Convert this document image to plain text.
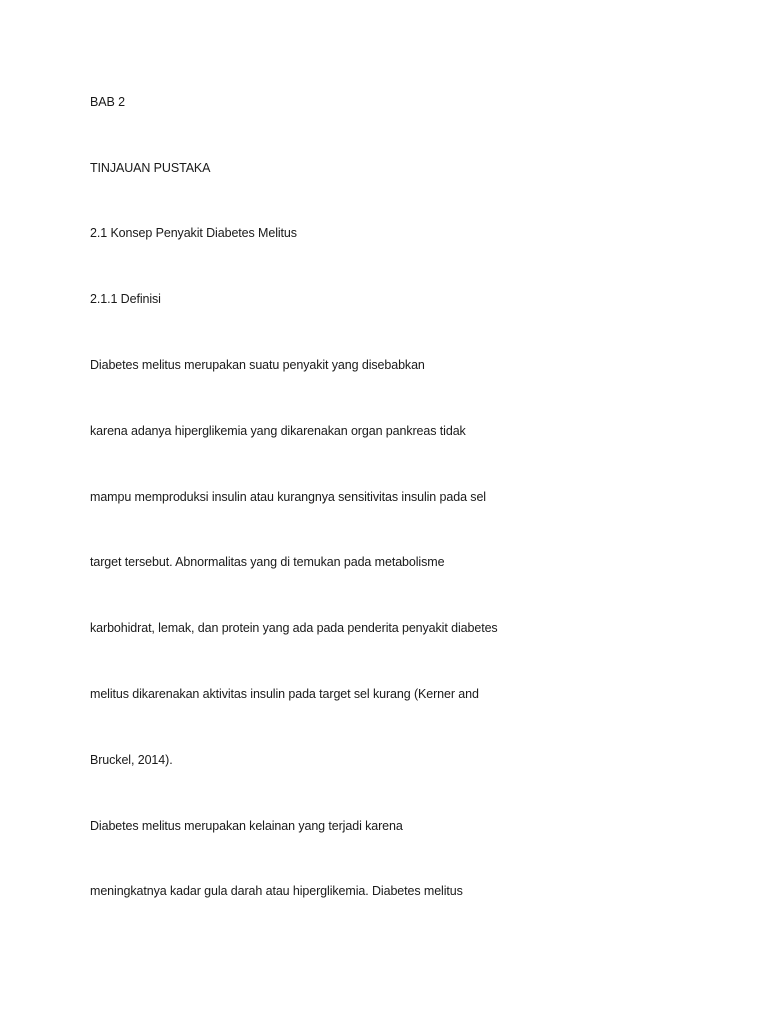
BAB 2
TINJAUAN PUSTAKA
2.1 Konsep Penyakit Diabetes Melitus
2.1.1 Definisi
Diabetes melitus merupakan suatu penyakit yang disebabkan
karena adanya hiperglikemia yang dikarenakan organ pankreas tidak
mampu memproduksi insulin atau kurangnya sensitivitas insulin pada sel
target tersebut. Abnormalitas yang di temukan pada metabolisme
karbohidrat, lemak, dan protein yang ada pada penderita penyakit diabetes
melitus dikarenakan aktivitas insulin pada target sel kurang (Kerner and
Bruckel, 2014).
Diabetes melitus merupakan kelainan yang terjadi karena
meningkatnya kadar gula darah atau hiperglikemia. Diabetes melitus
